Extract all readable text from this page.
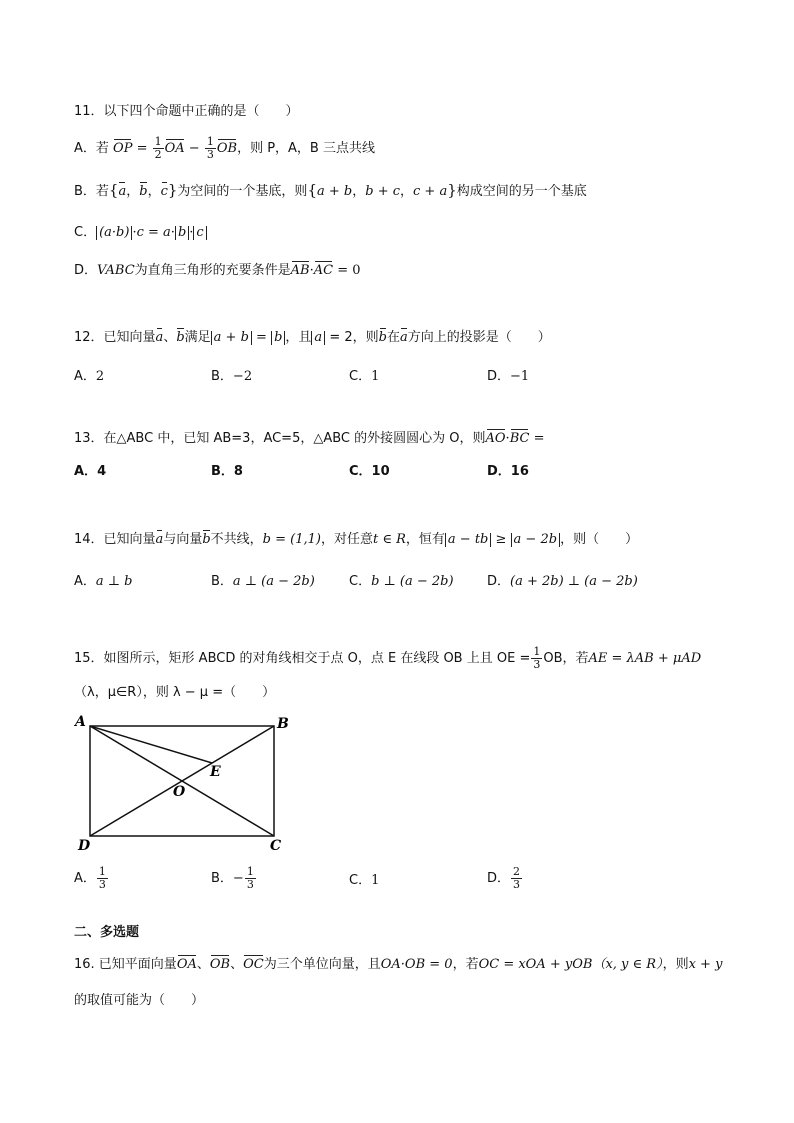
11．以下四个命题中正确的是（　　）
A．若 OP = $\frac{1}{2}$ OA − $\frac{1}{3}$ OB，则 P，A，B 三点共线
B．若{a，b，c}为空间的一个基底，则{a + b，b + c，c + a}构成空间的另一个基底
C． (a·b) ·c = a· b · c
D．VABC为直角三角形的充要条件是AB·AC = 0
12．已知向量a、b满足 a + b = b ，且 a = 2，则b在a方向上的投影是（　　）
A．2	B．−2	C．1	D．−1
13．在△ABC 中，已知 AB=3，AC=5，△ABC 的外接圆圆心为 O，则AO·BC =
A．4	B．8	C．10	D．16
14．已知向量a与向量b不共线，b = (1,1)，对任意t ∈ R，恒有 a − tb ≥ a − 2b ，则（　　）
A．a ⊥ b	B．a ⊥ (a − 2b)	C．b ⊥ (a − 2b)	D．(a + 2b) ⊥ (a − 2b)
15．如图所示，矩形 ABCD 的对角线相交于点 O，点 E 在线段 OB 上且 OE = $\frac{1}{3}$ OB，若AE = λAB + μAD
（λ，μ∈R），则 λ − μ =（　　）
A	B
C
D
E
O
A． $\frac{1}{3}$	B．− $\frac{1}{3}$	C．1	D． $\frac{2}{3}$
二、多选题
16. 已知平面向量OA、OB、OC为三个单位向量，且OA·OB = 0，若OC = xOA + yOB（x, y ∈ R），则x + y
的取值可能为（　　）
